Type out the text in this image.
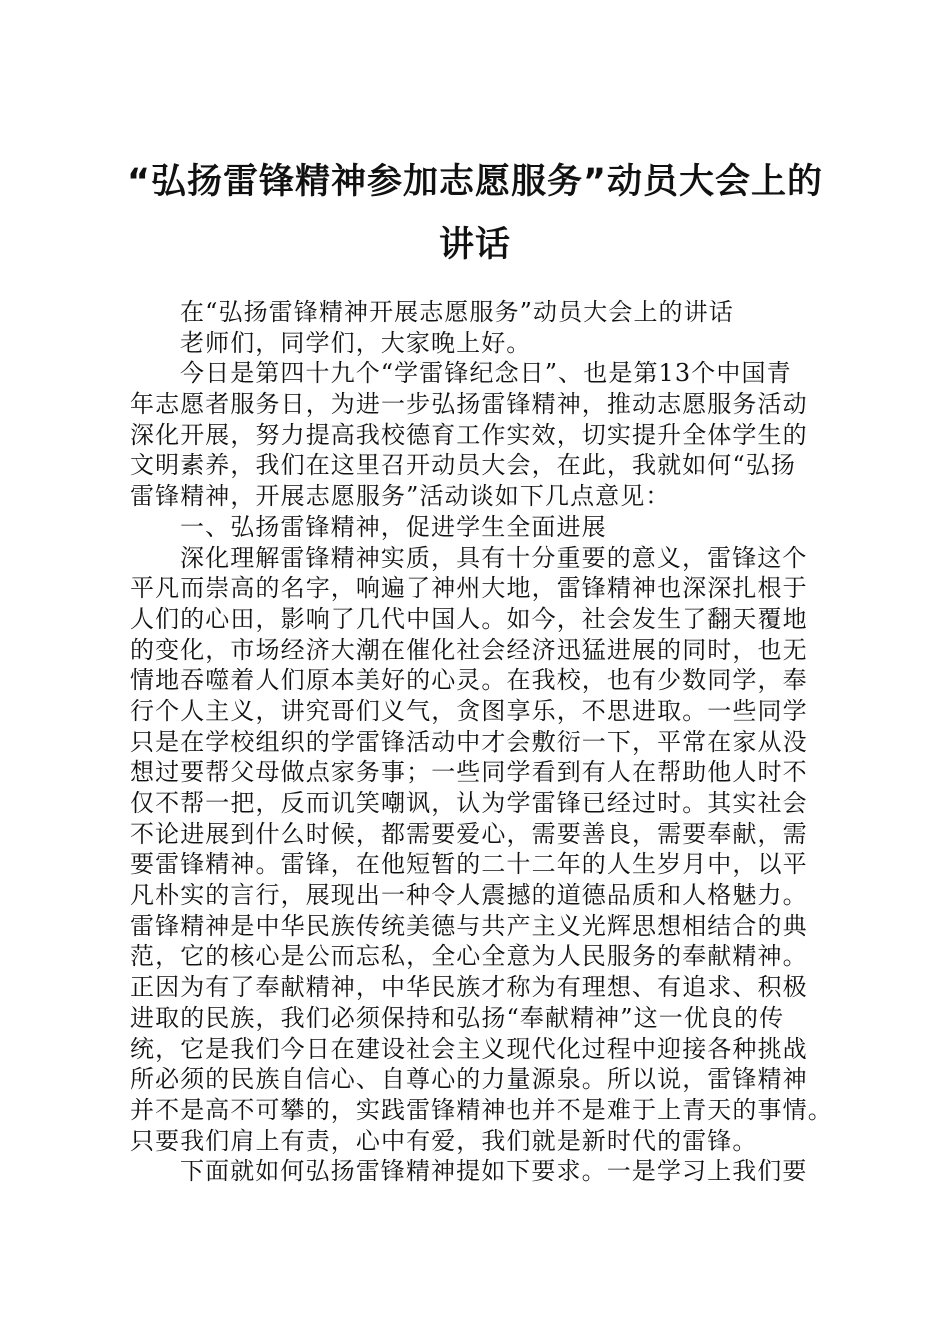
“弘扬雷锋精神参加志愿服务”动员大会上的
讲话
在“弘扬雷锋精神开展志愿服务”动员大会上的讲话
老师们，同学们，大家晚上好。
今日是第四十九个“学雷锋纪念日”、也是第13个中国青
年志愿者服务日，为进一步弘扬雷锋精神，推动志愿服务活动
深化开展，努力提高我校德育工作实效，切实提升全体学生的
文明素养，我们在这里召开动员大会，在此，我就如何“弘扬
雷锋精神，开展志愿服务”活动谈如下几点意见：
一、弘扬雷锋精神，促进学生全面进展
深化理解雷锋精神实质，具有十分重要的意义，雷锋这个
平凡而崇高的名字，响遍了神州大地，雷锋精神也深深扎根于
人们的心田，影响了几代中国人。如今，社会发生了翻天覆地
的变化，市场经济大潮在催化社会经济迅猛进展的同时，也无
情地吞噬着人们原本美好的心灵。在我校，也有少数同学，奉
行个人主义，讲究哥们义气，贪图享乐，不思进取。一些同学
只是在学校组织的学雷锋活动中才会敷衍一下，平常在家从没
想过要帮父母做点家务事；一些同学看到有人在帮助他人时不
仅不帮一把，反而讥笑嘲讽，认为学雷锋已经过时。其实社会
不论进展到什么时候，都需要爱心，需要善良，需要奉献，需
要雷锋精神。雷锋，在他短暂的二十二年的人生岁月中，以平
凡朴实的言行，展现出一种令人震撼的道德品质和人格魅力。
雷锋精神是中华民族传统美德与共产主义光辉思想相结合的典
范，它的核心是公而忘私，全心全意为人民服务的奉献精神。
正因为有了奉献精神，中华民族才称为有理想、有追求、积极
进取的民族，我们必须保持和弘扬“奉献精神”这一优良的传
统，它是我们今日在建设社会主义现代化过程中迎接各种挑战
所必须的民族自信心、自尊心的力量源泉。所以说，雷锋精神
并不是高不可攀的，实践雷锋精神也并不是难于上青天的事情。
只要我们肩上有责，心中有爱，我们就是新时代的雷锋。
下面就如何弘扬雷锋精神提如下要求。一是学习上我们要
